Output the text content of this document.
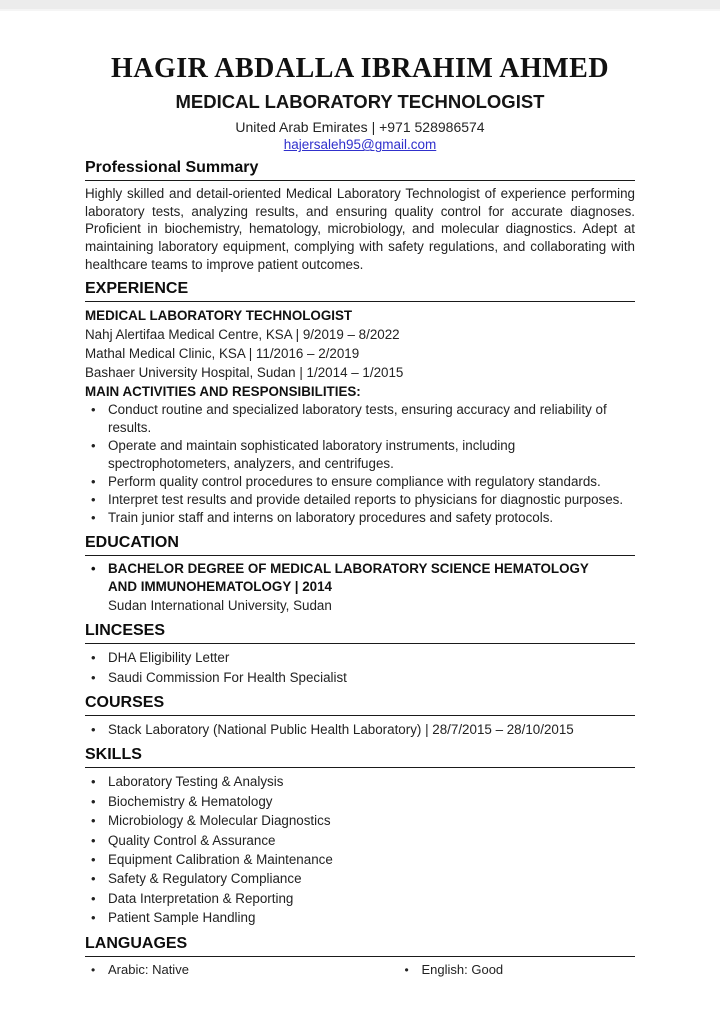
HAGIR ABDALLA IBRAHIM AHMED
MEDICAL LABORATORY TECHNOLOGIST
United Arab Emirates | +971 528986574
hajersaleh95@gmail.com
Professional Summary

Highly skilled and detail-oriented Medical Laboratory Technologist of experience performing laboratory tests, analyzing results, and ensuring quality control for accurate diagnoses. Proficient in biochemistry, hematology, microbiology, and molecular diagnostics. Adept at maintaining laboratory equipment, complying with safety regulations, and collaborating with healthcare teams to improve patient outcomes.

EXPERIENCE
MEDICAL LABORATORY TECHNOLOGIST
Nahj Alertifaa Medical Centre, KSA | 9/2019 – 8/2022
Mathal Medical Clinic, KSA | 11/2016 – 2/2019
Bashaer University Hospital, Sudan | 1/2014 – 1/2015
MAIN ACTIVITIES AND RESPONSIBILITIES:
•
Conduct routine and specialized laboratory tests, ensuring accuracy and reliability of results.
•
Operate and maintain sophisticated laboratory instruments, including spectrophotometers, analyzers, and centrifuges.
•
Perform quality control procedures to ensure compliance with regulatory standards.
•
Interpret test results and provide detailed reports to physicians for diagnostic purposes.
•
Train junior staff and interns on laboratory procedures and safety protocols.
EDUCATION
•
BACHELOR DEGREE OF MEDICAL LABORATORY SCIENCE HEMATOLOGY AND IMMUNOHEMATOLOGY | 2014
Sudan International University, Sudan
LINCESES
•
DHA Eligibility Letter
•
Saudi Commission For Health Specialist
COURSES
•
Stack Laboratory (National Public Health Laboratory) | 28/7/2015 – 28/10/2015
SKILLS
•
Laboratory Testing & Analysis
•
Biochemistry & Hematology
•
Microbiology & Molecular Diagnostics
•
Quality Control & Assurance
•
Equipment Calibration & Maintenance
•
Safety & Regulatory Compliance
•
Data Interpretation & Reporting
•
Patient Sample Handling
LANGUAGES
•
Arabic: Native •	English: Good
